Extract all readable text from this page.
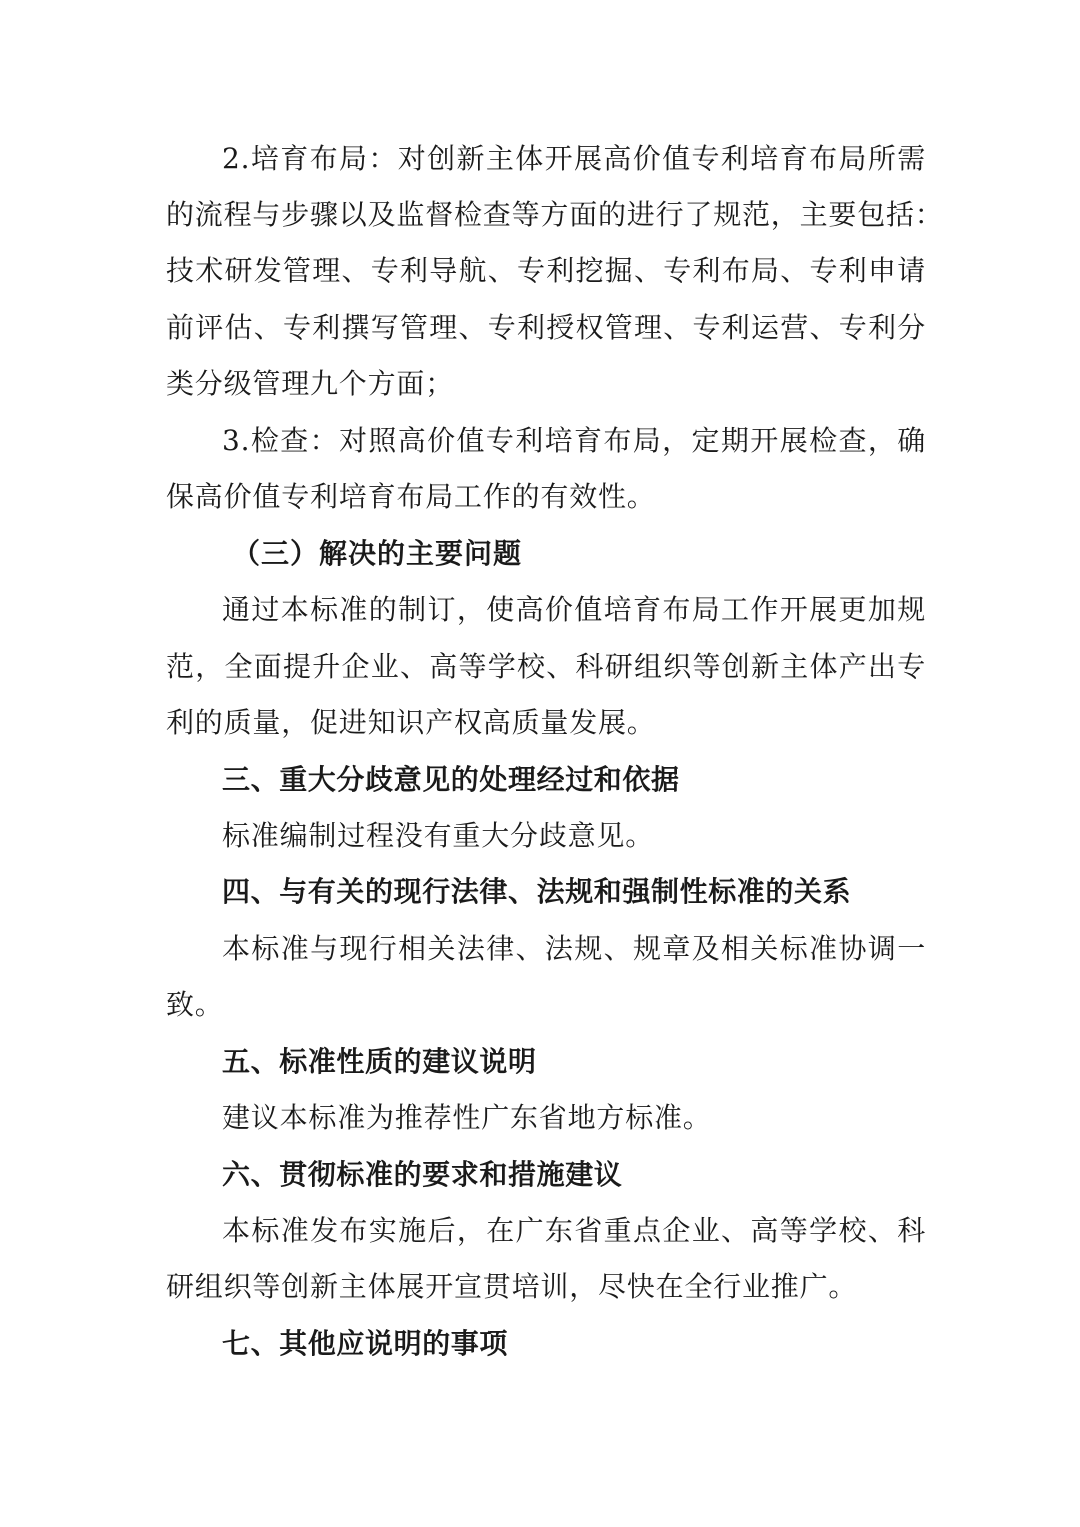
2.培育布局：对创新主体开展高价值专利培育布局所需
的流程与步骤以及监督检查等方面的进行了规范，主要包括：
技术研发管理、专利导航、专利挖掘、专利布局、专利申请
前评估、专利撰写管理、专利授权管理、专利运营、专利分
类分级管理九个方面；
3.检查：对照高价值专利培育布局，定期开展检查，确
保高价值专利培育布局工作的有效性。
（三）解决的主要问题
通过本标准的制订，使高价值培育布局工作开展更加规
范，全面提升企业、高等学校、科研组织等创新主体产出专
利的质量，促进知识产权高质量发展。
三、重大分歧意见的处理经过和依据
标准编制过程没有重大分歧意见。
四、与有关的现行法律、法规和强制性标准的关系
本标准与现行相关法律、法规、规章及相关标准协调一
致。
五、标准性质的建议说明
建议本标准为推荐性广东省地方标准。
六、贯彻标准的要求和措施建议
本标准发布实施后，在广东省重点企业、高等学校、科
研组织等创新主体展开宣贯培训，尽快在全行业推广。
七、其他应说明的事项
